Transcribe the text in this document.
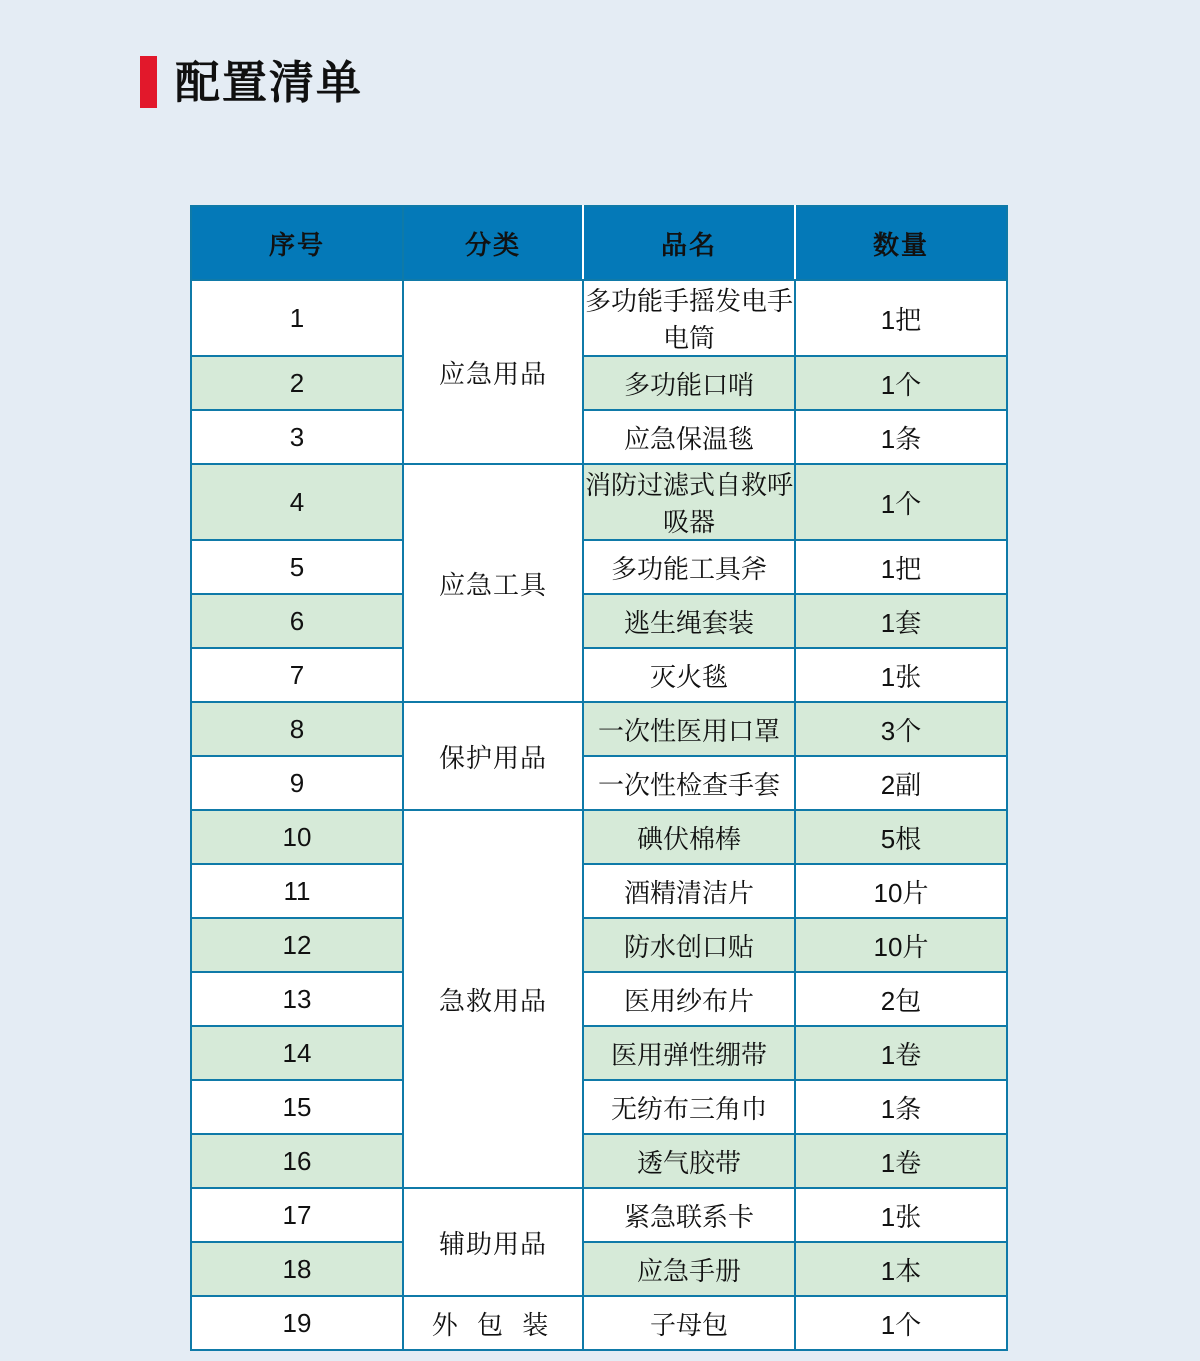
配置清单
序号	分类	品名	数量
1	应急用品	多功能手摇发电手电筒	1把
2		多功能口哨	1个
3		应急保温毯	1条
4	应急工具	消防过滤式自救呼吸器	1个
5		多功能工具斧	1把
6		逃生绳套装	1套
7		灭火毯	1张
8	保护用品	一次性医用口罩	3个
9		一次性检查手套	2副
10	急救用品	碘伏棉棒	5根
11		酒精清洁片	10片
12		防水创口贴	10片
13		医用纱布片	2包
14		医用弹性绷带	1卷
15		无纺布三角巾	1条
16		透气胶带	1卷
17	辅助用品	紧急联系卡	1张
18		应急手册	1本
19	外 包 装	子母包	1个
